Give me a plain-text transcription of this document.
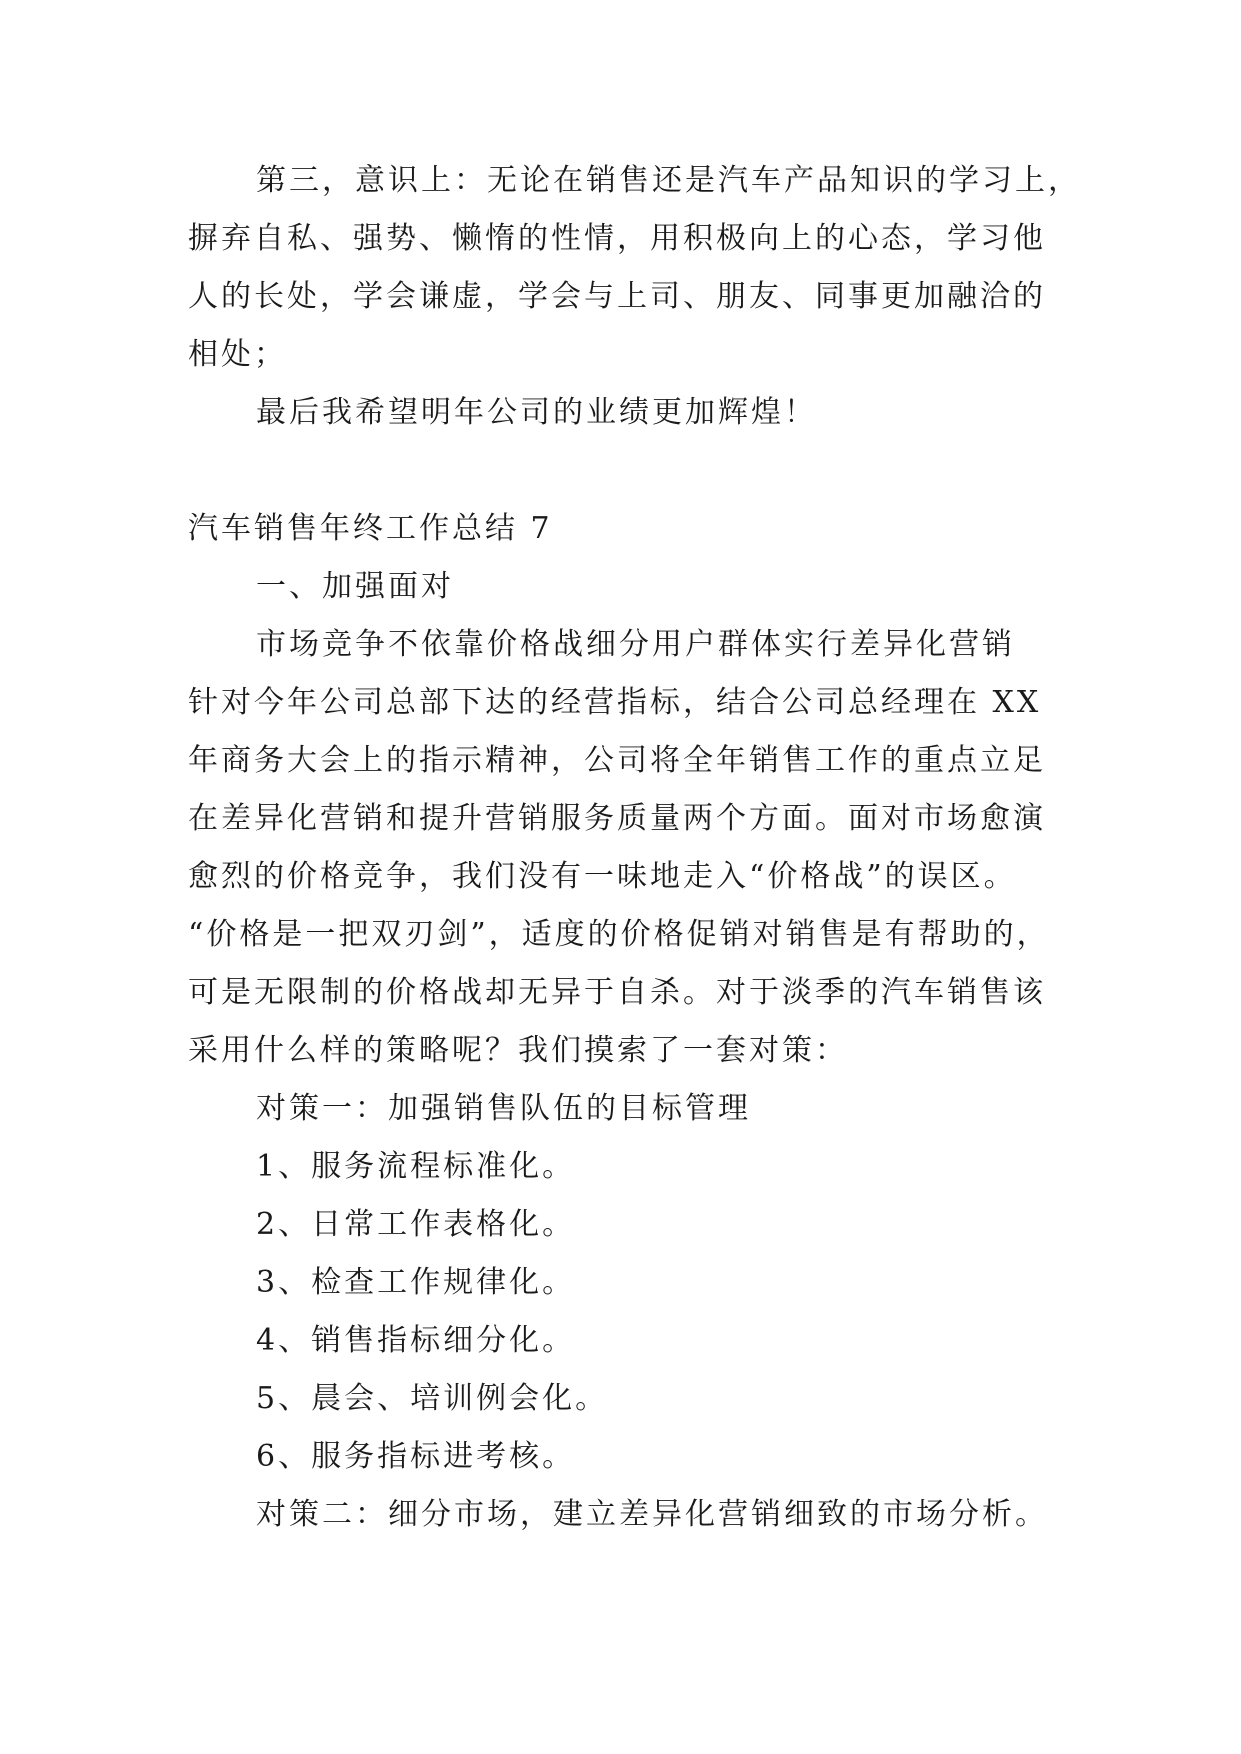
第三，意识上：无论在销售还是汽车产品知识的学习上，
摒弃自私、强势、懒惰的性情，用积极向上的心态，学习他
人的长处，学会谦虚，学会与上司、朋友、同事更加融洽的
相处；
最后我希望明年公司的业绩更加辉煌！
汽车销售年终工作总结 7
一、加强面对
市场竞争不依靠价格战细分用户群体实行差异化营销
针对今年公司总部下达的经营指标，结合公司总经理在 XX
年商务大会上的指示精神，公司将全年销售工作的重点立足
在差异化营销和提升营销服务质量两个方面。面对市场愈演
愈烈的价格竞争，我们没有一味地走入“价格战”的误区。
“价格是一把双刃剑”，适度的价格促销对销售是有帮助的，
可是无限制的价格战却无异于自杀。对于淡季的汽车销售该
采用什么样的策略呢？我们摸索了一套对策：
对策一：加强销售队伍的目标管理
1、服务流程标准化。
2、日常工作表格化。
3、检查工作规律化。
4、销售指标细分化。
5、晨会、培训例会化。
6、服务指标进考核。
对策二：细分市场，建立差异化营销细致的市场分析。
